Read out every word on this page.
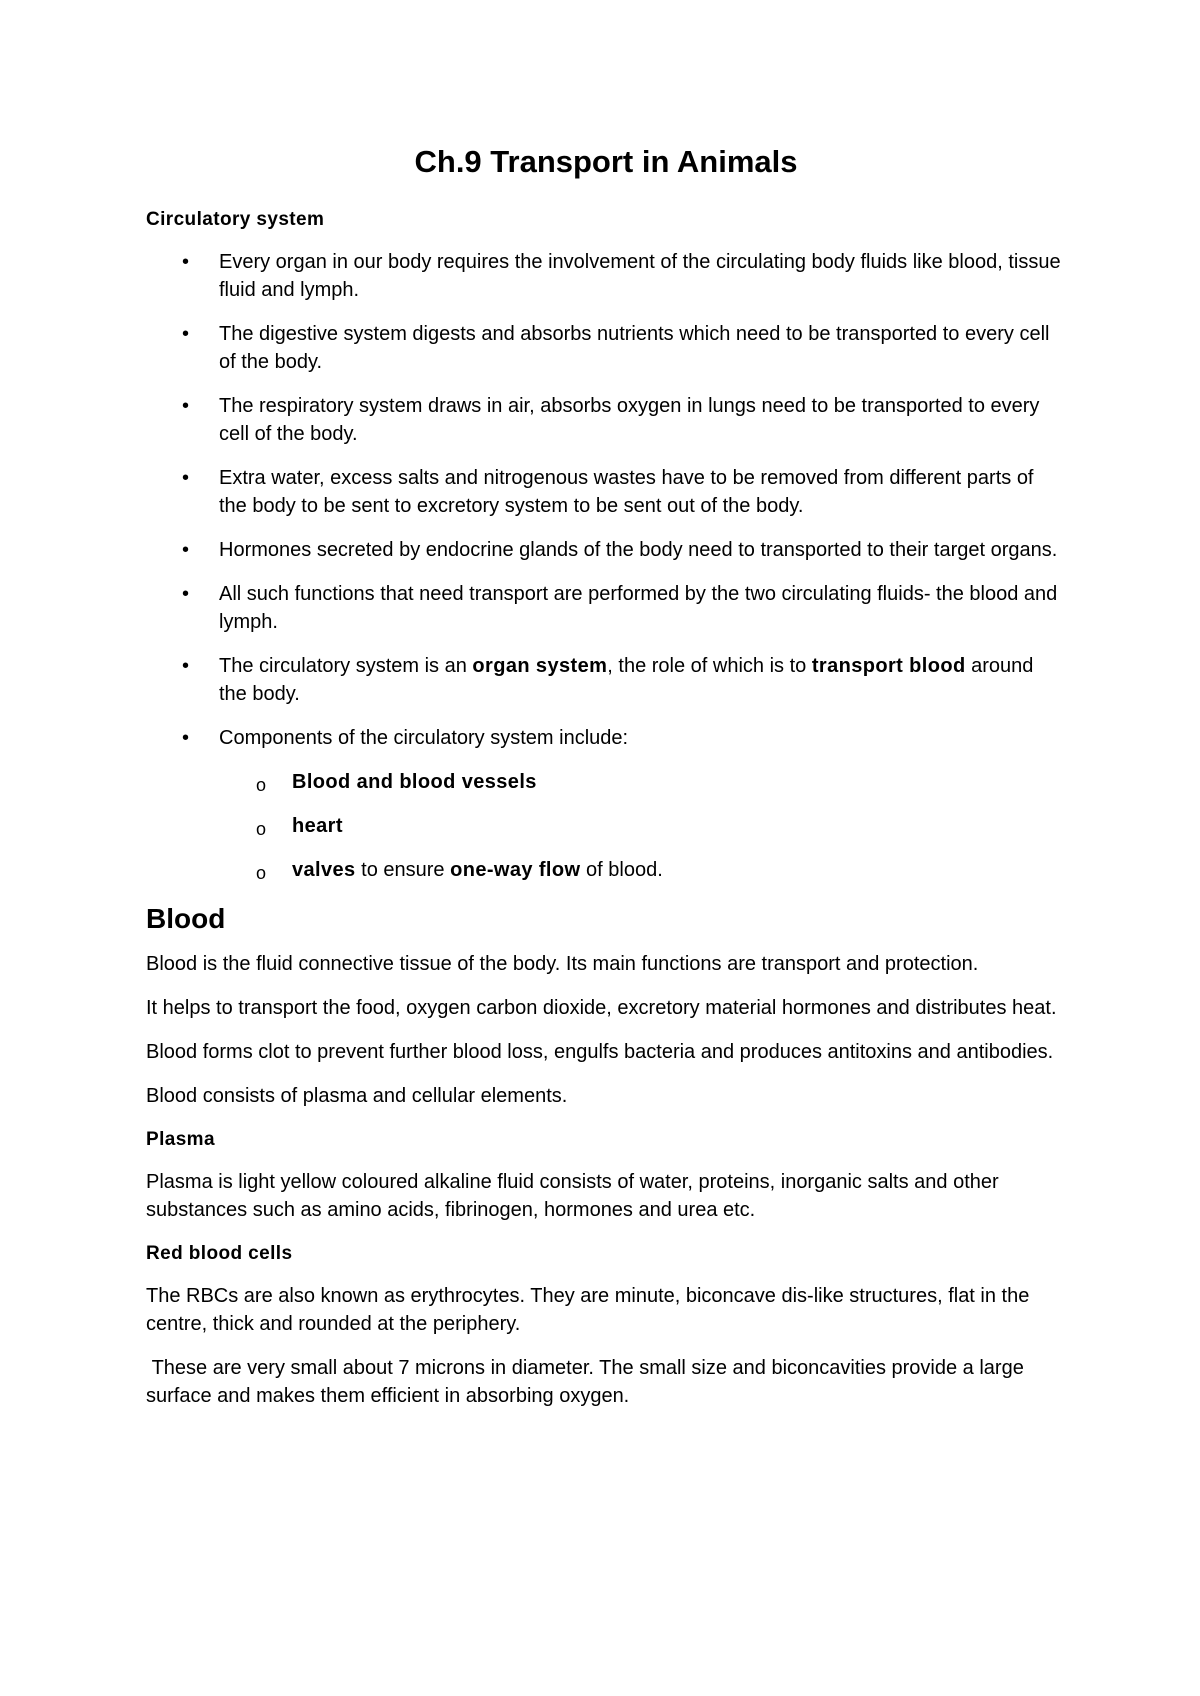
Ch.9 Transport in Animals
Circulatory system
• Every organ in our body requires the involvement of the circulating body fluids like blood, tissue fluid and lymph.
• The digestive system digests and absorbs nutrients which need to be transported to every cell of the body.
• The respiratory system draws in air, absorbs oxygen in lungs need to be transported to every cell of the body.
• Extra water, excess salts and nitrogenous wastes have to be removed from different parts of the body to be sent to excretory system to be sent out of the body.
• Hormones secreted by endocrine glands of the body need to transported to their target organs.
• All such functions that need transport are performed by the two circulating fluids- the blood and lymph.
• The circulatory system is an organ system, the role of which is to transport blood around the body.
• Components of the circulatory system include:
o Blood and blood vessels
o heart
o valves to ensure one-way flow of blood.
Blood

Blood is the fluid connective tissue of the body. Its main functions are transport and protection.

It helps to transport the food, oxygen carbon dioxide, excretory material hormones and distributes heat.

Blood forms clot to prevent further blood loss, engulfs bacteria and produces antitoxins and antibodies.

Blood consists of plasma and cellular elements.

Plasma

Plasma is light yellow coloured alkaline fluid consists of water, proteins, inorganic salts and other substances such as amino acids, fibrinogen, hormones and urea etc.

Red blood cells

The RBCs are also known as erythrocytes. They are minute, biconcave dis-like structures, flat in the centre, thick and rounded at the periphery.

These are very small about 7 microns in diameter. The small size and biconcavities provide a large surface and makes them efficient in absorbing oxygen.
